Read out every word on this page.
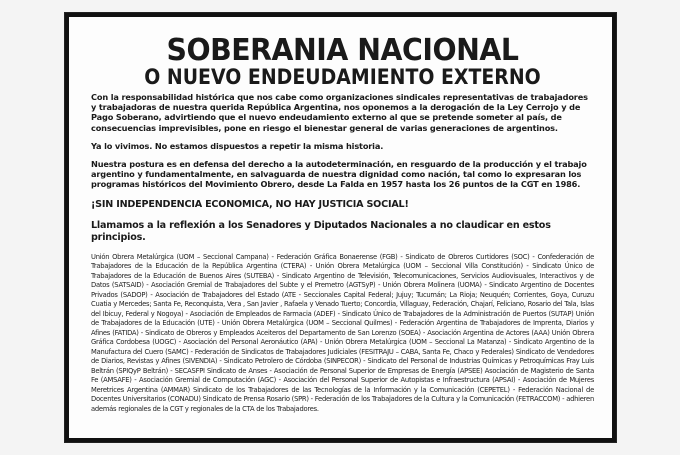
SOBERANIA NACIONAL
O NUEVO ENDEUDAMIENTO EXTERNO

Con la responsabilidad histórica que nos cabe como organizaciones sindicales representativas de trabajadores y trabajadoras de nuestra querida República Argentina, nos oponemos a la derogación de la Ley Cerrojo y de Pago Soberano, advirtiendo que el nuevo endeudamiento externo al que se pretende someter al país, de consecuencias imprevisibles, pone en riesgo el bienestar general de varias generaciones de argentinos.

Ya lo vivimos. No estamos dispuestos a repetir la misma historia.

Nuestra postura es en defensa del derecho a la autodeterminación, en resguardo de la producción y el trabajo argentino y fundamentalmente, en salvaguarda de nuestra dignidad como nación, tal como lo expresaran los programas históricos del Movimiento Obrero, desde La Falda en 1957 hasta los 26 puntos de la CGT en 1986.

¡SIN INDEPENDENCIA ECONOMICA, NO HAY JUSTICIA SOCIAL!

Llamamos a la reflexión a los Senadores y Diputados Nacionales a no claudicar en estos principios.

Unión Obrera Metalúrgica (UOM – Seccional Campana) - Federación Gráfica Bonaerense (FGB) - Sindicato de Obreros Curtidores (SOC) - Confederación de Trabajadores de la Educación de la República Argentina (CTERA) - Unión Obrera Metalúrgica (UOM – Seccional Villa Constitución) - Sindicato Único de Trabajadores de la Educación de Buenos Aires (SUTEBA) - Sindicato Argentino de Televisión, Telecomunicaciones, Servicios Audiovisuales, Interactivos y de Datos (SATSAID) - Asociación Gremial de Trabajadores del Subte y el Premetro (AGTSyP) - Unión Obrera Molinera (UOMA) - Sindicato Argentino de Docentes Privados (SADOP) - Asociación de Trabajadores del Estado (ATE - Seccionales Capital Federal; Jujuy; Tucumán; La Rioja; Neuquén; Corrientes, Goya, Curuzu Cuatia y Mercedes; Santa Fe, Reconquista, Vera , San Javier , Rafaela y Venado Tuerto; Concordia, Villaguay, Federación, Chajarí, Feliciano, Rosario del Tala, Islas del Ibicuy, Federal y Nogoya) - Asociación de Empleados de Farmacia (ADEF) - Sindicato Único de Trabajadores de la Administración de Puertos (SUTAP) Unión de Trabajadores de la Educación (UTE) - Unión Obrera Metalúrgica (UOM – Seccional Quilmes) - Federación Argentina de Trabajadores de Imprenta, Diarios y Afines (FATIDA) - Sindicato de Obreros y Empleados Aceiteros del Departamento de San Lorenzo (SOEA) - Asociación Argentina de Actores (AAA) Unión Obrera Gráfica Cordobesa (UOGC) - Asociación del Personal Aeronáutico (APA) - Unión Obrera Metalúrgica (UOM – Seccional La Matanza) - Sindicato Argentino de la Manufactura del Cuero (SAMC) - Federación de Sindicatos de Trabajadores Judiciales (FESITRAJU – CABA, Santa Fe, Chaco y Federales) Sindicato de Vendedores de Diarios, Revistas y Afines (SIVENDIA) - Sindicato Petrolero de Córdoba (SINPECOR) - Sindicato del Personal de Industrias Químicas y Petroquímicas Fray Luis Beltrán (SPIQyP Beltrán) - SECASFPI Sindicato de Anses - Asociación de Personal Superior de Empresas de Energía (APSEE) Asociación de Magisterio de Santa Fe (AMSAFE) - Asociación Gremial de Computación (AGC) - Asociación del Personal Superior de Autopistas e Infraestructura (APSAI) - Asociación de Mujeres Meretrices Argentina (AMMAR) Sindicato de los Trabajadores de las Tecnologías de la Información y la Comunicación (CEPETEL) - Federación Nacional de Docentes Universitarios (CONADU) Sindicato de Prensa Rosario (SPR) - Federación de los Trabajadores de la Cultura y la Comunicación (FETRACCOM) - adhieren además regionales de la CGT y regionales de la CTA de los Trabajadores.
